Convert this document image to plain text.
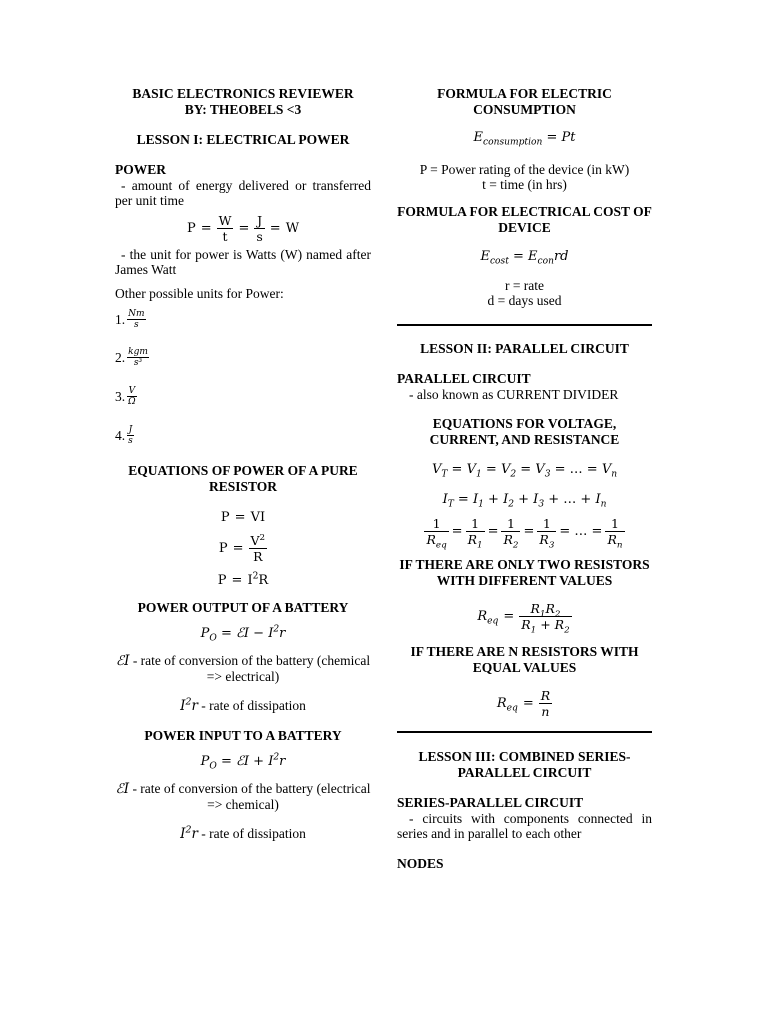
BASIC ELECTRONICS REVIEWER
BY: THEOBELS <3
LESSON I: ELECTRICAL POWER
POWER
- amount of energy delivered or transferred per unit time
$P = \frac{W}{t} = \frac{J}{s} = W$
- the unit for power is Watts (W) named after James Watt
Other possible units for Power:
1. Nm
s
2. kgm
s³
3. V
Ω
4. J
s
EQUATIONS OF POWER OF A PURE RESISTOR
P = VI
$P = \frac{V^2}{R}$
$P = I^2R$
POWER OUTPUT OF A BATTERY
$P_O$ = ℰI − $I^2r$
ℰI - rate of conversion of the battery (chemical => electrical)
$I^2r$ - rate of dissipation
POWER INPUT TO A BATTERY
$P_O$ = ℰI + $I^2r$
ℰI - rate of conversion of the battery (electrical => chemical)
$I^2r$ - rate of dissipation
FORMULA FOR ELECTRIC CONSUMPTION
$E_{consumption} = Pt$
P = Power rating of the device (in kW)
t = time (in hrs)
FORMULA FOR ELECTRICAL COST OF DEVICE
$E_{cost} = E_{con}rd$
r = rate
d = days used
LESSON II: PARALLEL CIRCUIT
PARALLEL CIRCUIT
- also known as CURRENT DIVIDER
EQUATIONS FOR VOLTAGE, CURRENT, AND RESISTANCE
$V_T = V_1 = V_2 = V_3$ = … = $V_n$
$I_T = I_1 + I_2 + I_3$ + … + $I_n$
$\frac{1}{R_{eq}} = \frac{1}{R_1} = \frac{1}{R_2} = \frac{1}{R_3}$ = … = $\frac{1}{R_n}$
IF THERE ARE ONLY TWO RESISTORS WITH DIFFERENT VALUES
$R_{eq} = \frac{R_1R_2}{R_1 + R_2}$
IF THERE ARE N RESISTORS WITH EQUAL VALUES
$R_{eq} = \frac{R}{n}$
LESSON III: COMBINED SERIES-PARALLEL CIRCUIT
SERIES-PARALLEL CIRCUIT
- circuits with components connected in series and in parallel to each other
NODES
